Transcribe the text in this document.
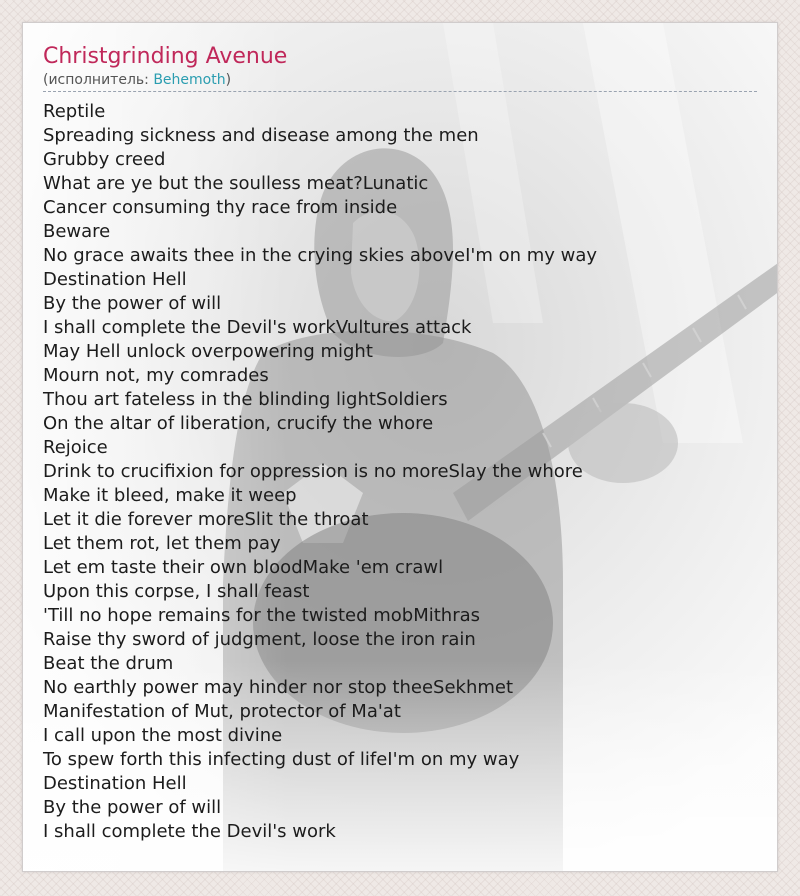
Christgrinding Avenue
(исполнитель: Behemoth)
Reptile
Spreading sickness and disease among the men
Grubby creed
What are ye but the soulless meat?Lunatic
Cancer consuming thy race from inside
Beware
No grace awaits thee in the crying skies aboveI'm on my way
Destination Hell
By the power of will
I shall complete the Devil's workVultures attack
May Hell unlock overpowering might
Mourn not, my comrades
Thou art fateless in the blinding lightSoldiers
On the altar of liberation, crucify the whore
Rejoice
Drink to crucifixion for oppression is no moreSlay the whore
Make it bleed, make it weep
Let it die forever moreSlit the throat
Let them rot, let them pay
Let em taste their own bloodMake 'em crawl
Upon this corpse, I shall feast
'Till no hope remains for the twisted mobMithras
Raise thy sword of judgment, loose the iron rain
Beat the drum
No earthly power may hinder nor stop theeSekhmet
Manifestation of Mut, protector of Ma'at
I call upon the most divine
To spew forth this infecting dust of lifeI'm on my way
Destination Hell
By the power of will
I shall complete the Devil's work
